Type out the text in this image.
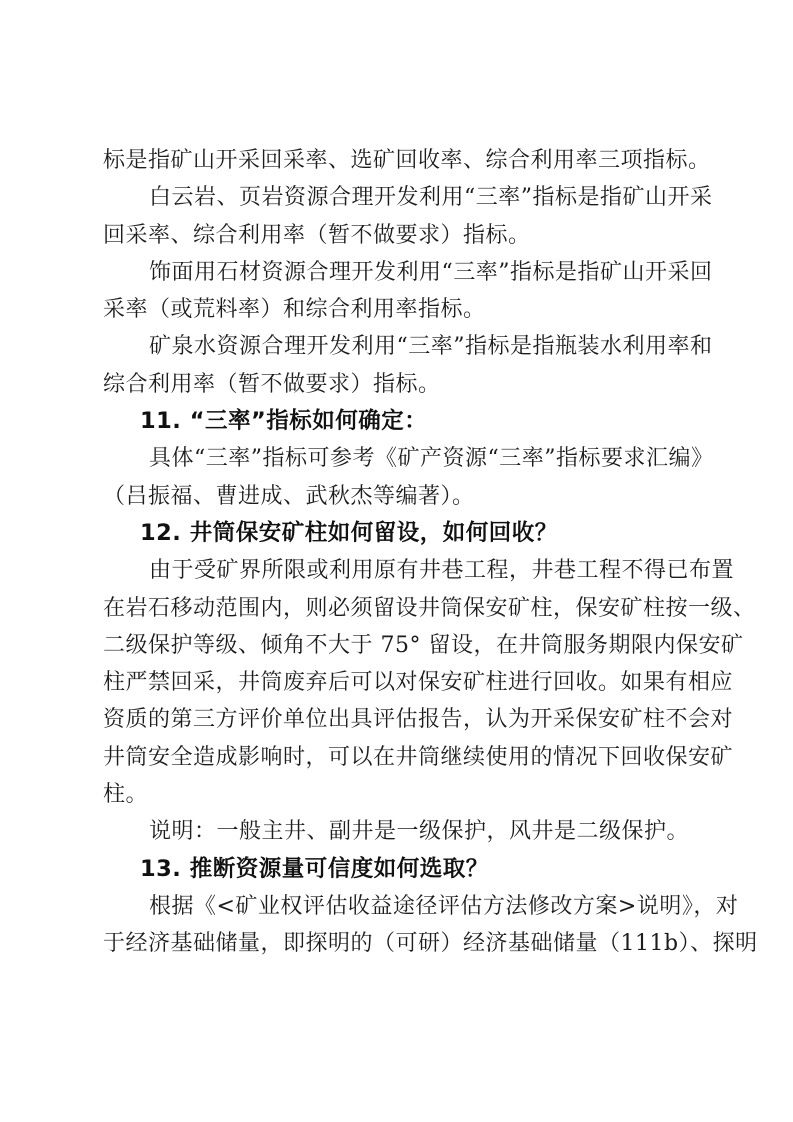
标是指矿山开采回采率、选矿回收率、综合利用率三项指标。
白云岩、页岩资源合理开发利用“三率”指标是指矿山开采
回采率、综合利用率（暂不做要求）指标。
饰面用石材资源合理开发利用“三率”指标是指矿山开采回
采率（或荒料率）和综合利用率指标。
矿泉水资源合理开发利用“三率”指标是指瓶装水利用率和
综合利用率（暂不做要求）指标。
11. “三率”指标如何确定：
具体“三率”指标可参考《矿产资源“三率”指标要求汇编》
（吕振福、曹进成、武秋杰等编著）。
12. 井筒保安矿柱如何留设，如何回收？
由于受矿界所限或利用原有井巷工程，井巷工程不得已布置
在岩石移动范围内，则必须留设井筒保安矿柱，保安矿柱按一级、
二级保护等级、倾角不大于 75° 留设，在井筒服务期限内保安矿
柱严禁回采，井筒废弃后可以对保安矿柱进行回收。如果有相应
资质的第三方评价单位出具评估报告，认为开采保安矿柱不会对
井筒安全造成影响时，可以在井筒继续使用的情况下回收保安矿
柱。
说明：一般主井、副井是一级保护，风井是二级保护。
13. 推断资源量可信度如何选取？
根据《<矿业权评估收益途径评估方法修改方案>说明》，对
于经济基础储量，即探明的（可研）经济基础储量（111b）、探明
